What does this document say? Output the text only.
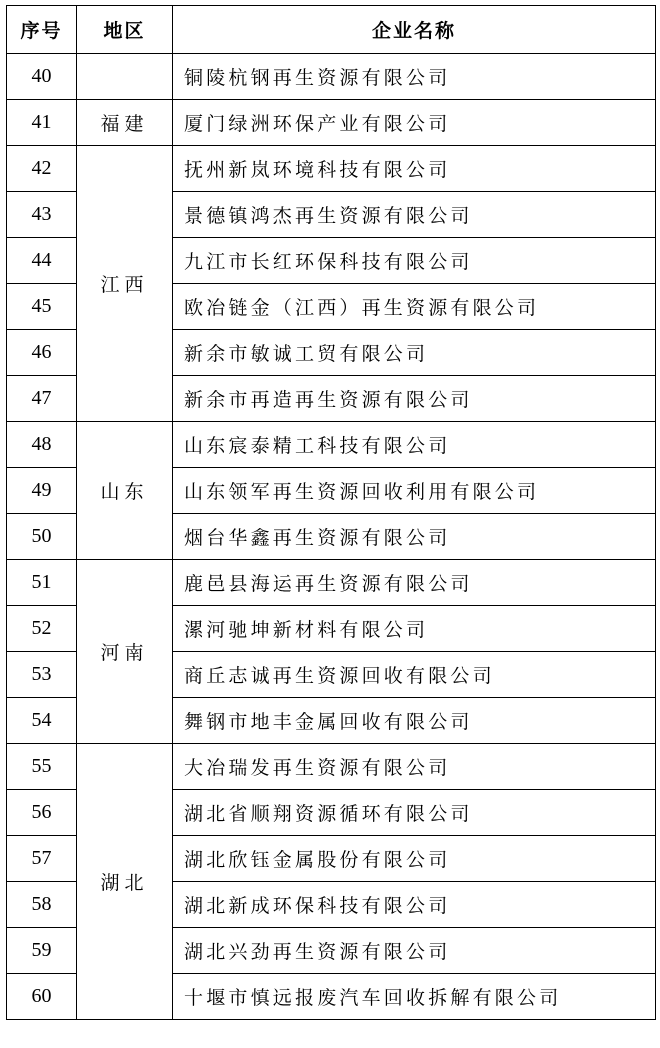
序号	地区	企业名称
40		铜陵杭钢再生资源有限公司
41	福建	厦门绿洲环保产业有限公司
42	江西	抚州新岚环境科技有限公司
43		景德镇鸿杰再生资源有限公司
44		九江市长红环保科技有限公司
45		欧冶链金（江西）再生资源有限公司
46		新余市敏诚工贸有限公司
47		新余市再造再生资源有限公司
48	山东	山东宸泰精工科技有限公司
49		山东领军再生资源回收利用有限公司
50		烟台华鑫再生资源有限公司
51	河南	鹿邑县海运再生资源有限公司
52		漯河驰坤新材料有限公司
53		商丘志诚再生资源回收有限公司
54		舞钢市地丰金属回收有限公司
55	湖北	大冶瑞发再生资源有限公司
56		湖北省顺翔资源循环有限公司
57		湖北欣钰金属股份有限公司
58		湖北新成环保科技有限公司
59		湖北兴劲再生资源有限公司
60		十堰市慎远报废汽车回收拆解有限公司
